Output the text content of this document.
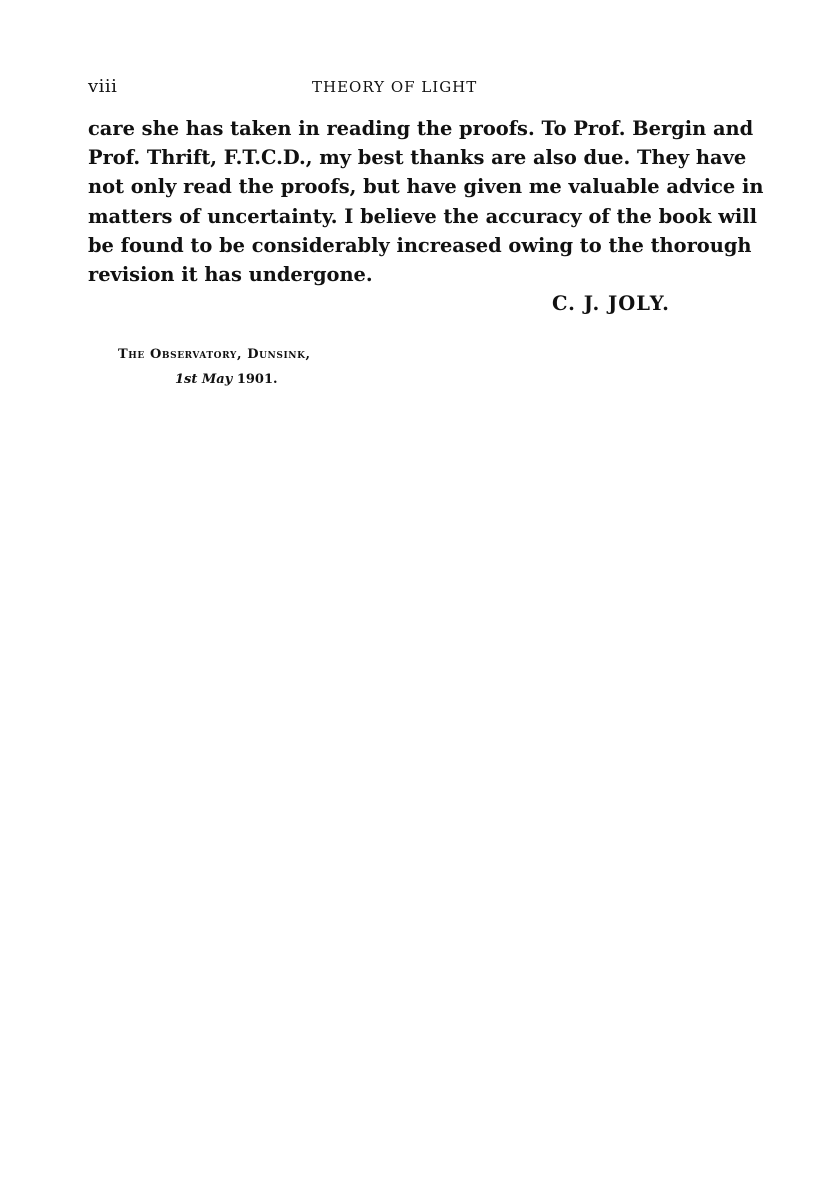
viii	THEORY OF LIGHT

care she has taken in reading the proofs. To Prof. Bergin and
Prof. Thrift, F.T.C.D., my best thanks are also due. They have
not only read the proofs, but have given me valuable advice in
matters of uncertainty. I believe the accuracy of the book will
be found to be considerably increased owing to the thorough
revision it has undergone.

C. J. JOLY.
The Observatory, Dunsink,
1st May 1901.
